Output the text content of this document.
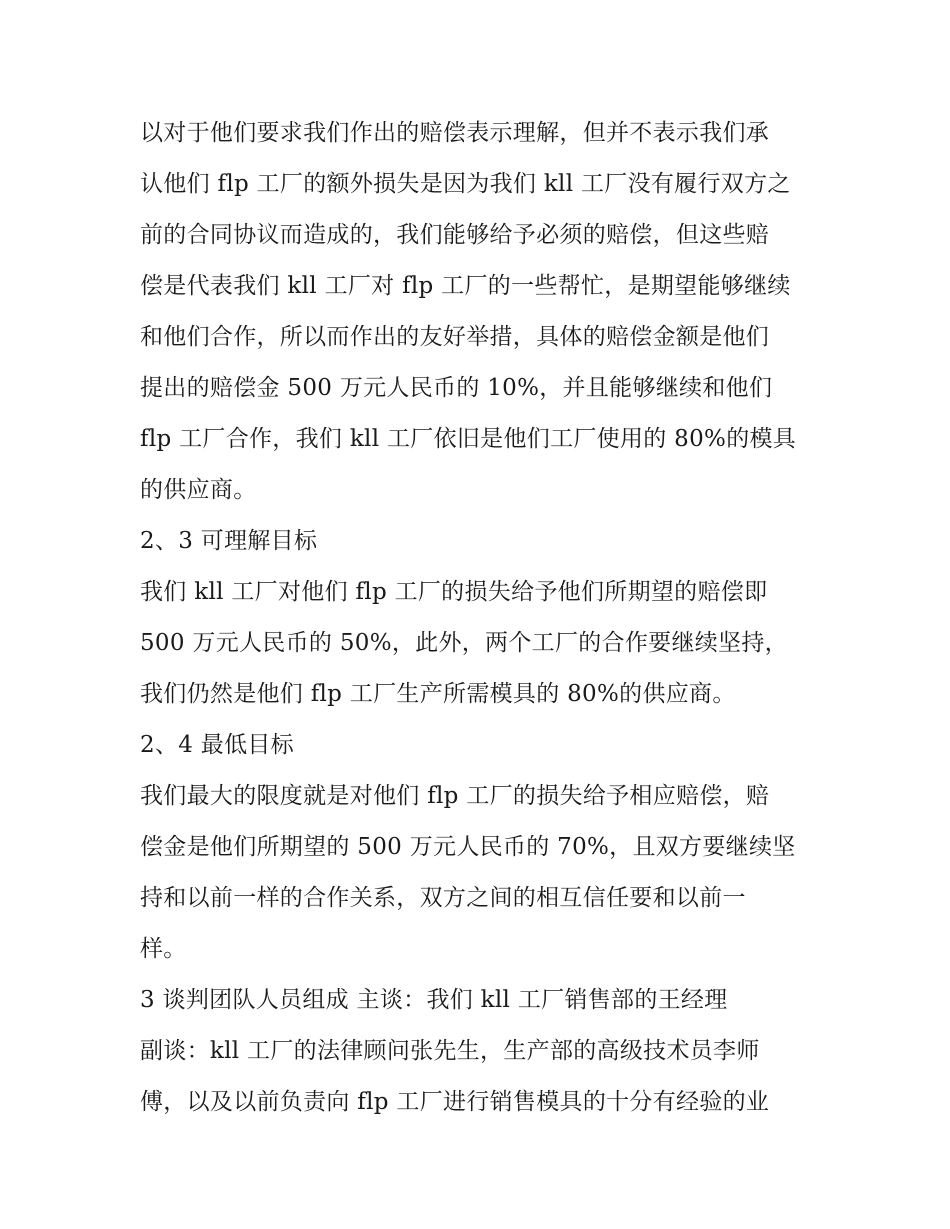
以对于他们要求我们作出的赔偿表示理解，但并不表示我们承
认他们 flp 工厂的额外损失是因为我们 kll 工厂没有履行双方之
前的合同协议而造成的，我们能够给予必须的赔偿，但这些赔
偿是代表我们 kll 工厂对 flp 工厂的一些帮忙，是期望能够继续
和他们合作，所以而作出的友好举措，具体的赔偿金额是他们
提出的赔偿金 500 万元人民币的 10%，并且能够继续和他们
flp 工厂合作，我们 kll 工厂依旧是他们工厂使用的 80%的模具
的供应商。
2、3 可理解目标
我们 kll 工厂对他们 flp 工厂的损失给予他们所期望的赔偿即
500 万元人民币的 50%，此外，两个工厂的合作要继续坚持，
我们仍然是他们 flp 工厂生产所需模具的 80%的供应商。
2、4 最低目标
我们最大的限度就是对他们 flp 工厂的损失给予相应赔偿，赔
偿金是他们所期望的 500 万元人民币的 70%，且双方要继续坚
持和以前一样的合作关系，双方之间的相互信任要和以前一
样。
3 谈判团队人员组成 主谈：我们 kll 工厂销售部的王经理
副谈：kll 工厂的法律顾问张先生，生产部的高级技术员李师
傅，以及以前负责向 flp 工厂进行销售模具的十分有经验的业
